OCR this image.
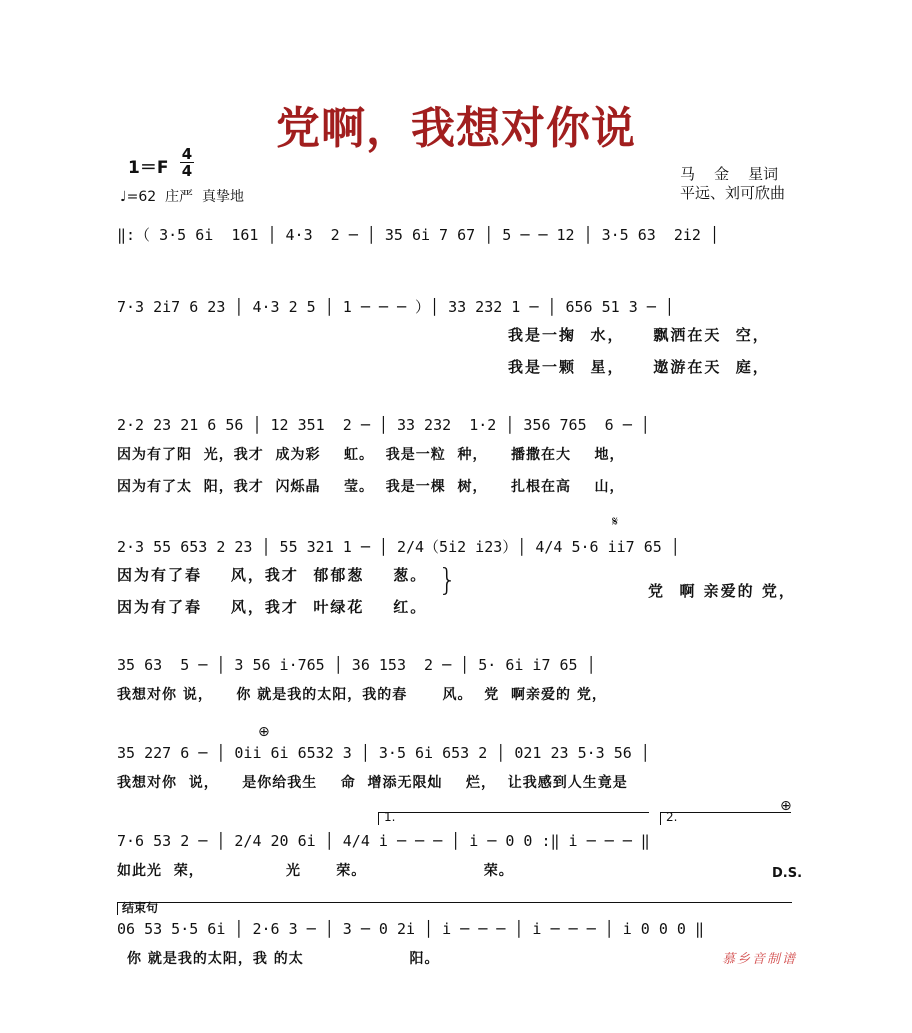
党啊，我想对你说
1＝F
4
4
♩=62  庄严  真挚地
马    金    星词
平远、刘可欣曲
‖:（ 3·5 6i  161 │ 4·3  2 ─ │ 35 6i 7 67 │ 5 ─ ─ 12 │ 3·5 63  2i2 │
7·3 2i7 6 23 │ 4·3 2 5 │ 1 ─ ─ ─ ）│ 33 232 1 ─ │ 656 51 3 ─ │
我是一掬  水，    飘洒在天  空，
我是一颗  星，    遨游在天  庭，
2·2 23 21 6 56 │ 12 351  2 ─ │ 33 232  1·2 │ 356 765  6 ─ │
因为有了阳  光，我才  成为彩    虹。  我是一粒  种，    播撒在大    地，
因为有了太  阳，我才  闪烁晶    莹。  我是一棵  树，    扎根在高    山，
𝄋
2·3 55 653 2 23 │ 55 321 1 ─ │ 2/4（5i2 i23）│ 4/4 5·6 ii7 65 │
因为有了春    风，我才  郁郁葱    葱。
因为有了春    风，我才  叶绿花    红。
}	党  啊 亲爱的 党，
35 63  5 ─ │ 3 56 i·765 │ 36 153  2 ─ │ 5· 6i i7 65 │
我想对你 说，    你 就是我的太阳，我的春      风。  党  啊亲爱的 党，
⊕
35 227 6 ─ │ 0ii 6i 6532 3 │ 3·5 6i 653 2 │ 021 23 5·3 56 │
我想对你  说，    是你给我生    命  增添无限灿    烂，  让我感到人生竟是
1.	2.
⊕
7·6 53 2 ─ │ 2/4 20 6i │ 4/4 i ─ ─ ─ │ i ─ 0 0 :‖ i ─ ─ ─ ‖
如此光  荣，              光      荣。                    荣。	D.S.
结束句
06 53 5·5 6i │ 2·6 3 ─ │ 3 ─ 0 2i │ i ─ ─ ─ │ i ─ ─ ─ │ i 0 0 0 ‖
你 就是我的太阳，我 的太                  阳。	慕乡音制谱
